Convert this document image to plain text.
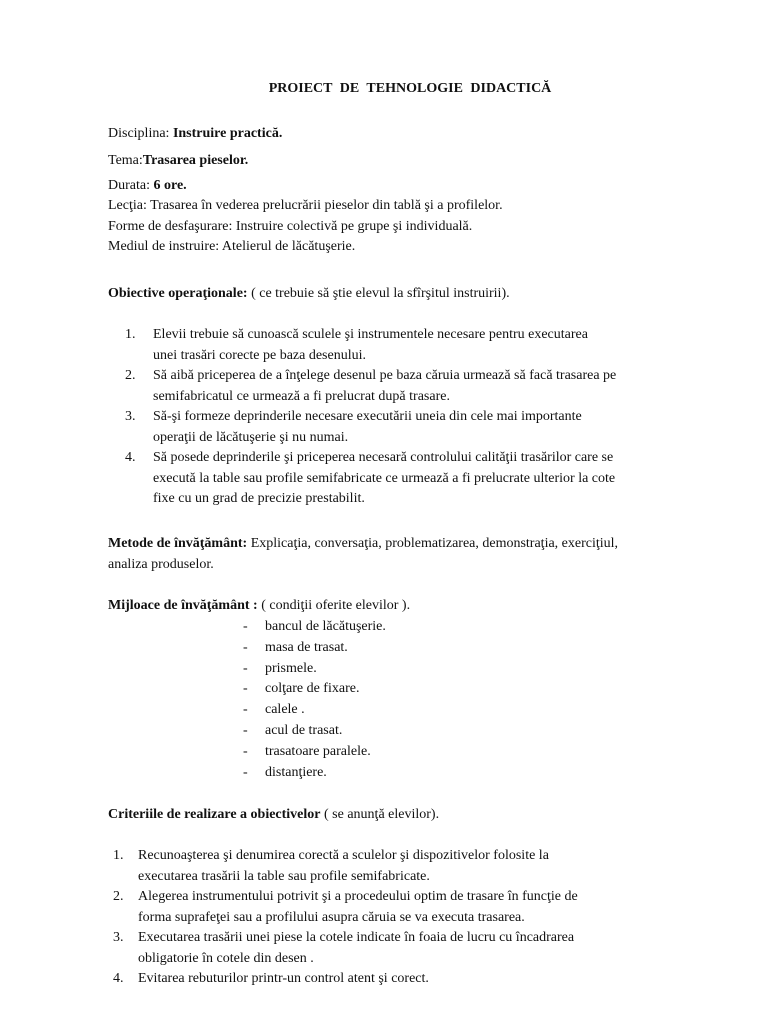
PROIECT DE TEHNOLOGIE DIDACTICĂ
Disciplina: Instruire practică.
Tema:Trasarea pieselor.
Durata: 6 ore.
Lecţia: Trasarea în vederea prelucrării pieselor din tablă şi a profilelor.
Forme de desfaşurare: Instruire colectivă pe grupe şi individuală.
Mediul de instruire: Atelierul de lăcătuşerie.
Obiective operaţionale: ( ce trebuie să ştie elevul la sfîrşitul instruirii).
1. Elevii trebuie să cunoască sculele şi instrumentele necesare pentru executarea
unei trasări corecte pe baza desenului.
2. Să aibă priceperea de a înţelege desenul pe baza căruia urmează să facă trasarea pe
semifabricatul ce urmează a fi prelucrat după trasare.
3. Să-şi formeze deprinderile necesare executării uneia din cele mai importante
operaţii de lăcătuşerie şi nu numai.
4. Să posede deprinderile şi priceperea necesară controlului calităţii trasărilor care se
execută la table sau profile semifabricate ce urmează a fi prelucrate ulterior la cote
fixe cu un grad de precizie prestabilit.
Metode de învăţământ: Explicaţia, conversaţia, problematizarea, demonstraţia, exerciţiul,
analiza produselor.
Mijloace de învăţământ : ( condiţii oferite elevilor ).
- bancul de lăcătuşerie.
- masa de trasat.
- prismele.
- colţare de fixare.
- calele .
- acul de trasat.
- trasatoare paralele.
- distanţiere.
Criteriile de realizare a obiectivelor ( se anunţă elevilor).
1. Recunoaşterea şi denumirea corectă a sculelor şi dispozitivelor folosite la
executarea trasării la table sau profile semifabricate.
2. Alegerea instrumentului potrivit şi a procedeului optim de trasare în funcţie de
forma suprafeţei sau a profilului asupra căruia se va executa trasarea.
3. Executarea trasării unei piese la cotele indicate în foaia de lucru cu încadrarea
obligatorie în cotele din desen .
4. Evitarea rebuturilor printr-un control atent şi corect.
